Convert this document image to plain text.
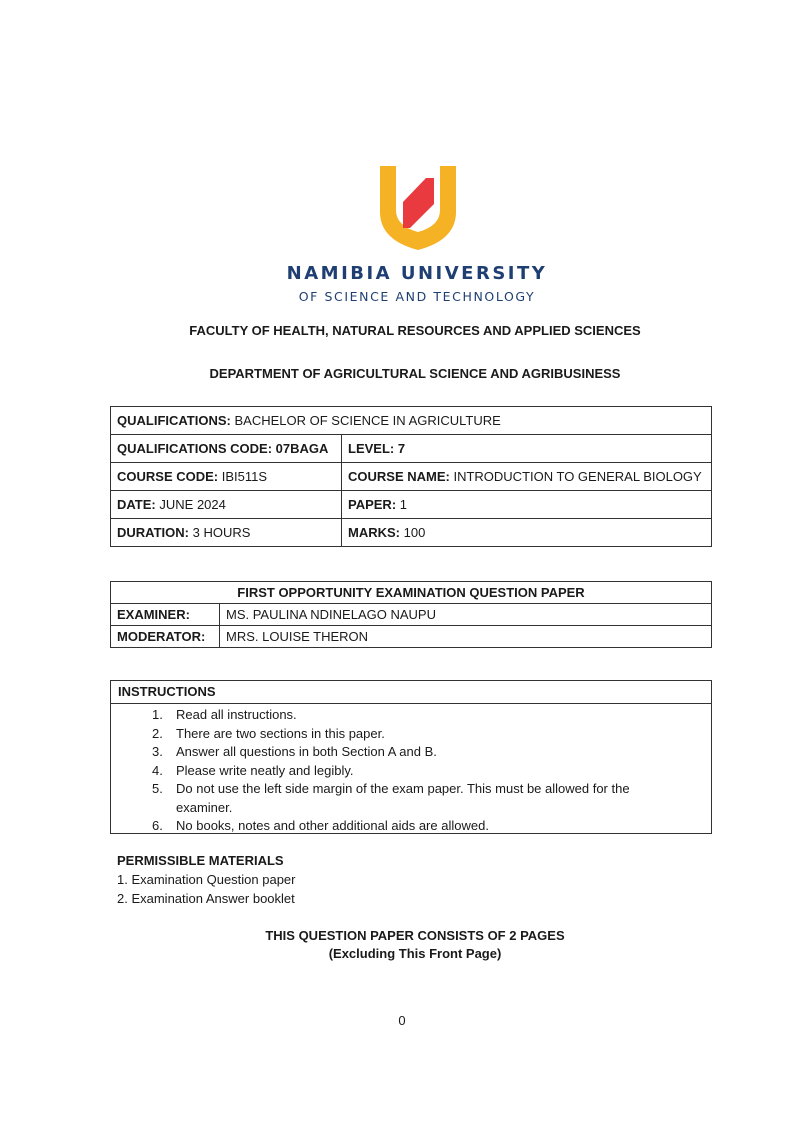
NAMIBIA UNIVERSITY
OF SCIENCE AND TECHNOLOGY
FACULTY OF HEALTH, NATURAL RESOURCES AND APPLIED SCIENCES
DEPARTMENT OF AGRICULTURAL SCIENCE AND AGRIBUSINESS
QUALIFICATIONS: BACHELOR OF SCIENCE IN AGRICULTURE	
QUALIFICATIONS CODE: 07BAGA	LEVEL: 7
COURSE CODE: IBI511S	COURSE NAME: INTRODUCTION TO GENERAL BIOLOGY
DATE: JUNE 2024	PAPER: 1
DURATION: 3 HOURS	MARKS: 100
FIRST OPPORTUNITY EXAMINATION QUESTION PAPER	
EXAMINER:	MS. PAULINA NDINELAGO NAUPU
MODERATOR:	MRS. LOUISE THERON
INSTRUCTIONS
1. Read all instructions.
2. There are two sections in this paper.
3. Answer all questions in both Section A and B.
4. Please write neatly and legibly.
5. Do not use the left side margin of the exam paper. This must be allowed for the examiner.
6. No books, notes and other additional aids are allowed.
PERMISSIBLE MATERIALS
1. Examination Question paper
2. Examination Answer booklet
THIS QUESTION PAPER CONSISTS OF 2 PAGES
(Excluding This Front Page)
0
